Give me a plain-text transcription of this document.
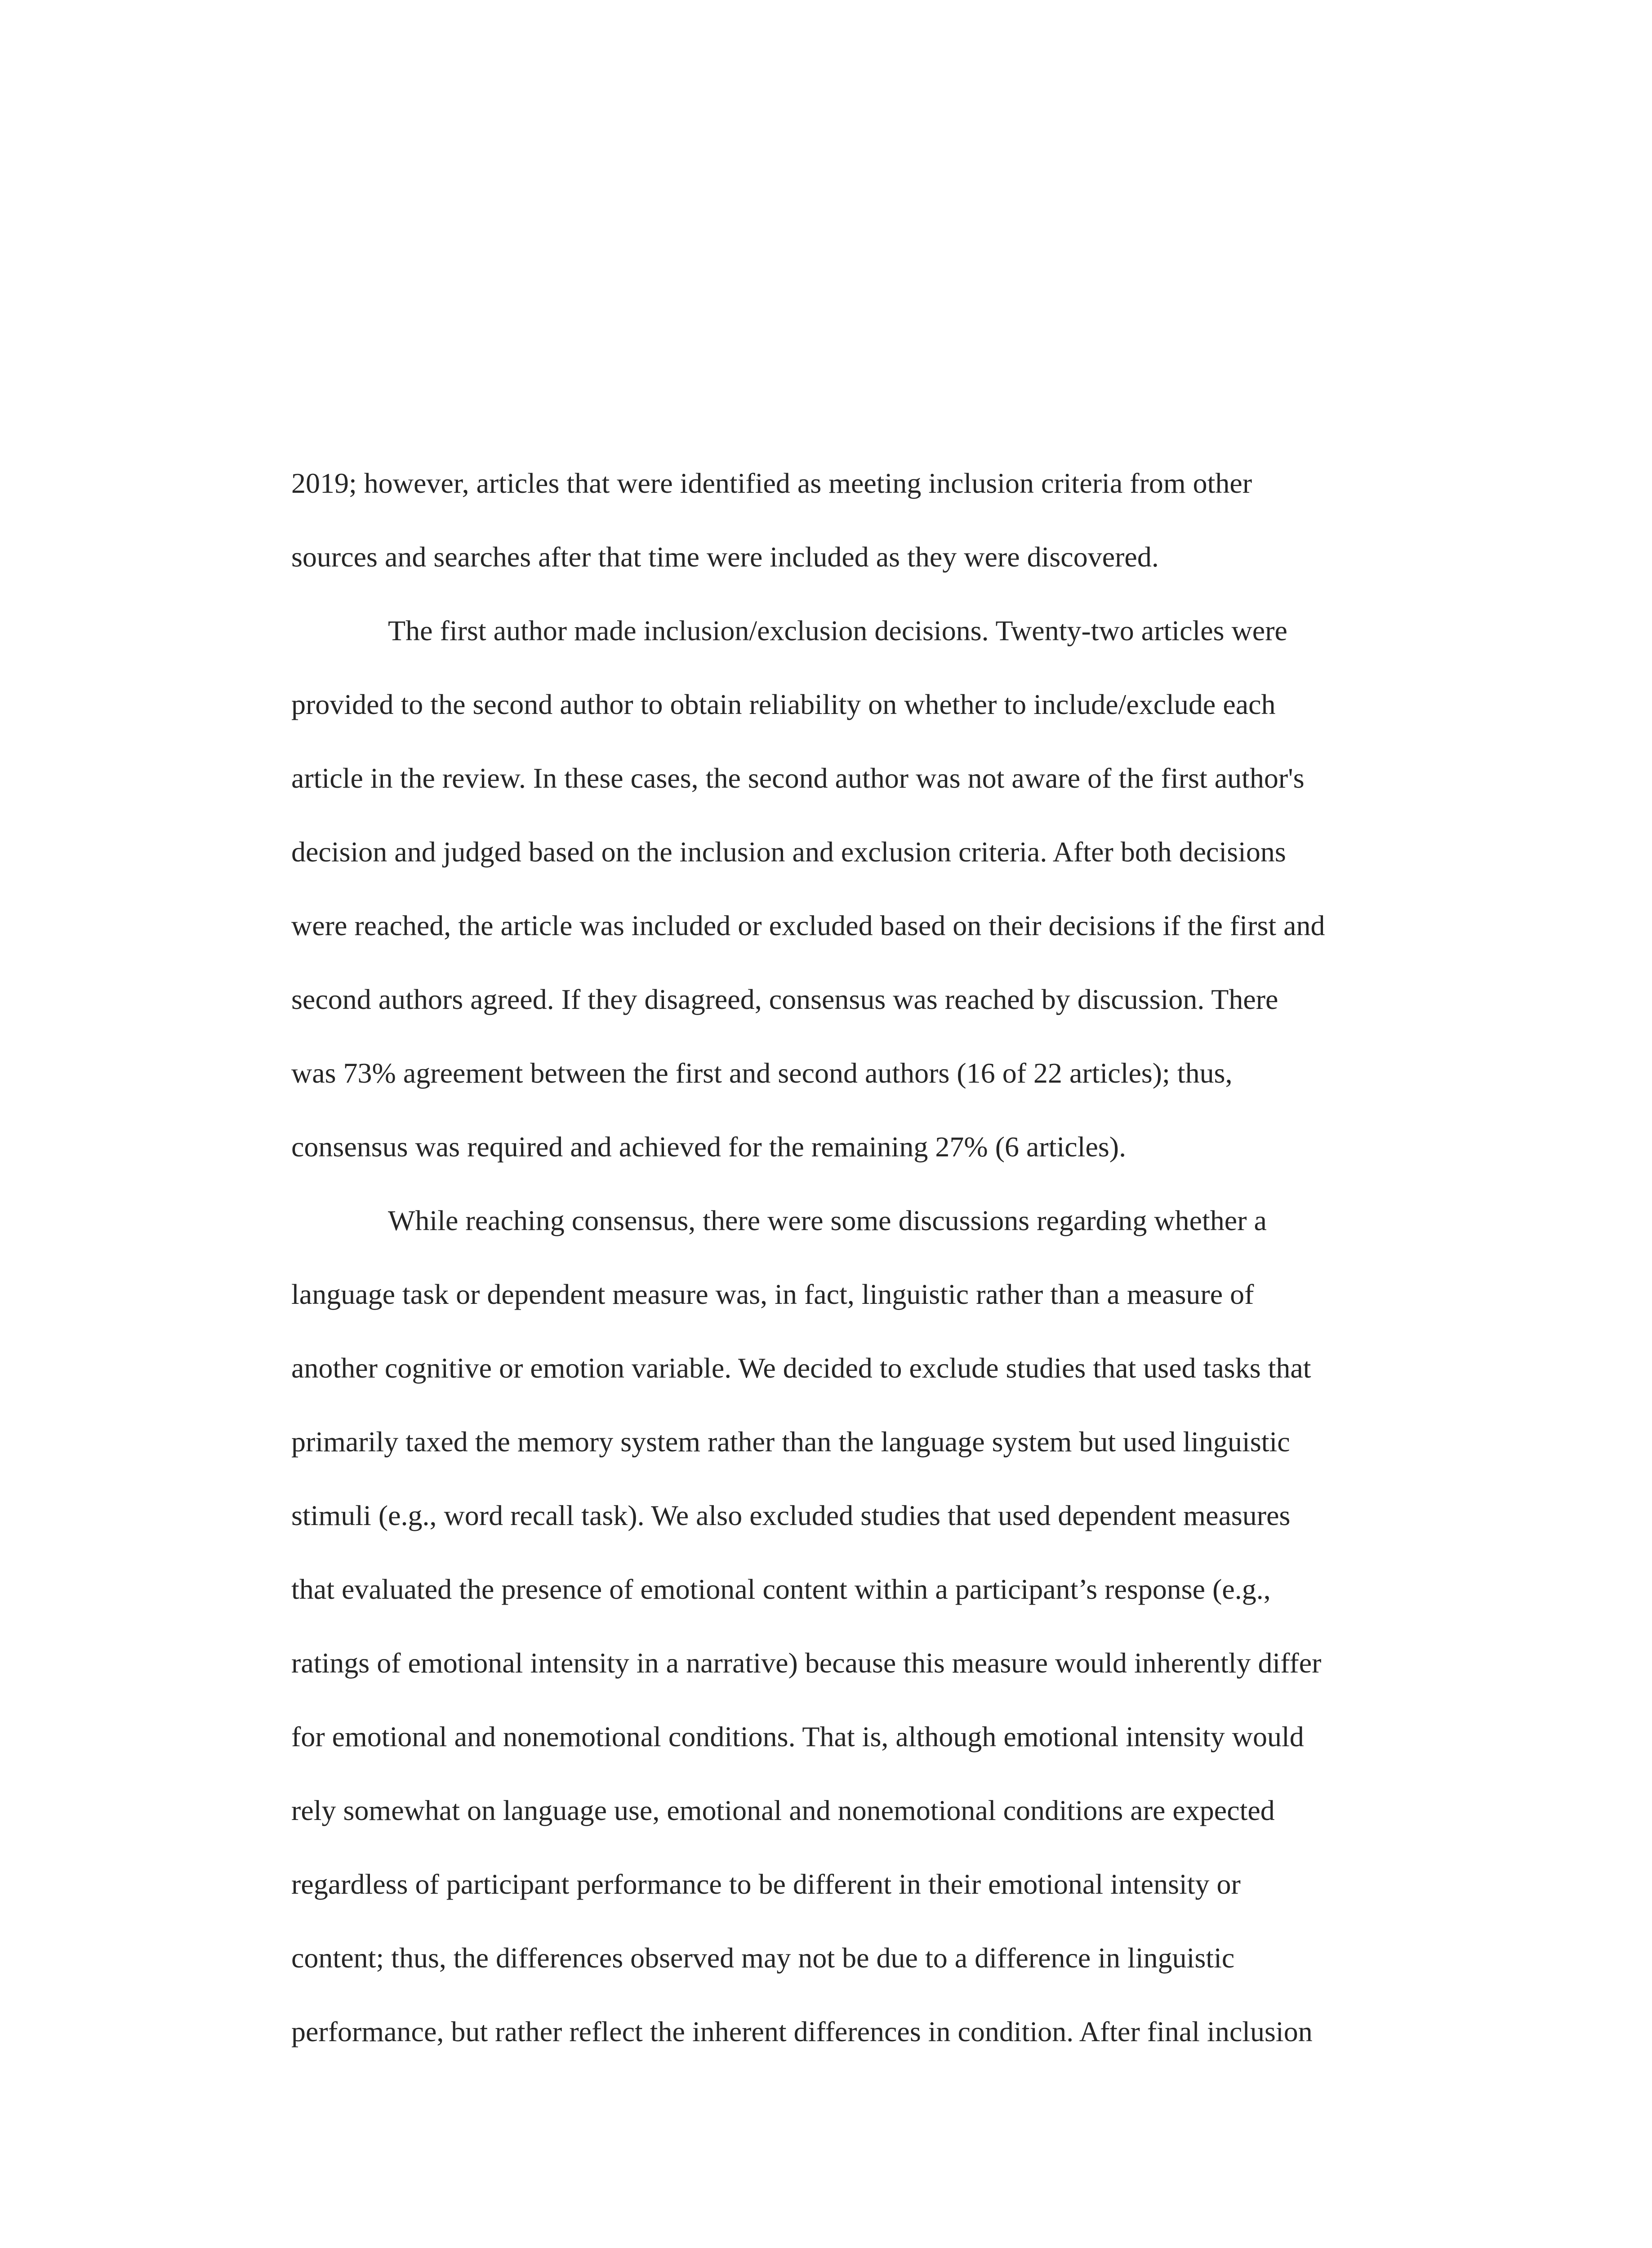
2019; however, articles that were identified as meeting inclusion criteria from other

sources and searches after that time were included as they were discovered.

The first author made inclusion/exclusion decisions. Twenty-two articles were

provided to the second author to obtain reliability on whether to include/exclude each

article in the review. In these cases, the second author was not aware of the first author's

decision and judged based on the inclusion and exclusion criteria. After both decisions

were reached, the article was included or excluded based on their decisions if the first and

second authors agreed. If they disagreed, consensus was reached by discussion. There

was 73% agreement between the first and second authors (16 of 22 articles); thus,

consensus was required and achieved for the remaining 27% (6 articles).

While reaching consensus, there were some discussions regarding whether a

language task or dependent measure was, in fact, linguistic rather than a measure of

another cognitive or emotion variable. We decided to exclude studies that used tasks that

primarily taxed the memory system rather than the language system but used linguistic

stimuli (e.g., word recall task). We also excluded studies that used dependent measures

that evaluated the presence of emotional content within a participant’s response (e.g.,

ratings of emotional intensity in a narrative) because this measure would inherently differ

for emotional and nonemotional conditions. That is, although emotional intensity would

rely somewhat on language use, emotional and nonemotional conditions are expected

regardless of participant performance to be different in their emotional intensity or

content; thus, the differences observed may not be due to a difference in linguistic

performance, but rather reflect the inherent differences in condition. After final inclusion
